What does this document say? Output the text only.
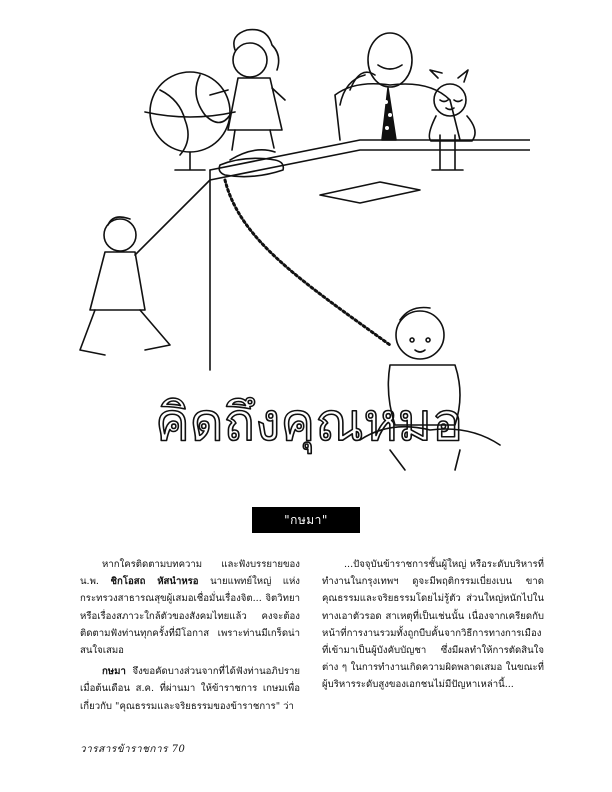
คิดถึงคุณหมอ
"กษมา"

หากใครติดตามบทความ และฟังบรรยายของ น.พ. ชิกโอสถ หัสนำหรอ นายแพทย์ใหญ่ แห่งกระทรวงสาธารณสุขผู้เสมอเชื่อมั่นเรื่องจิต... จิตวิทยาหรือเรื่องสภาวะใกล้ตัวของสังคมไทยแล้ว คงจะต้องติดตามฟังท่านทุกครั้งที่มีโอกาส เพราะท่านมีเกร็ดน่าสนใจเสมอ

กษมา จึงขอคัดบางส่วนจากที่ได้ฟังท่านอภิปรายเมื่อต้นเดือน ส.ค. ที่ผ่านมา ให้ข้าราชการ เกษมเพื่อเกี่ยวกับ "คุณธรรมและจริยธรรมของข้าราชการ" ว่า

...ปัจจุบันข้าราชการชั้นผู้ใหญ่ หรือระดับบริหารที่ทำงานในกรุงเทพฯ ดูจะมีพฤติกรรมเบี่ยงเบน ขาดคุณธรรมและจริยธรรมโดยไม่รู้ตัว ส่วนใหญ่หนักไปในทางเอาตัวรอด สาเหตุที่เป็นเช่นนั้น เนื่องจากเครียดกับหน้าที่การงานรวมทั้งถูกบีบคั้นจากวิธีการทางการเมืองที่เข้ามาเป็นผู้บังคับบัญชา ซึ่งมีผลทำให้การตัดสินใจต่าง ๆ ในการทำงานเกิดความผิดพลาดเสมอ ในขณะที่ผู้บริหารระดับสูงของเอกชนไม่มีปัญหาเหล่านี้...

วารสารข้าราชการ 70
